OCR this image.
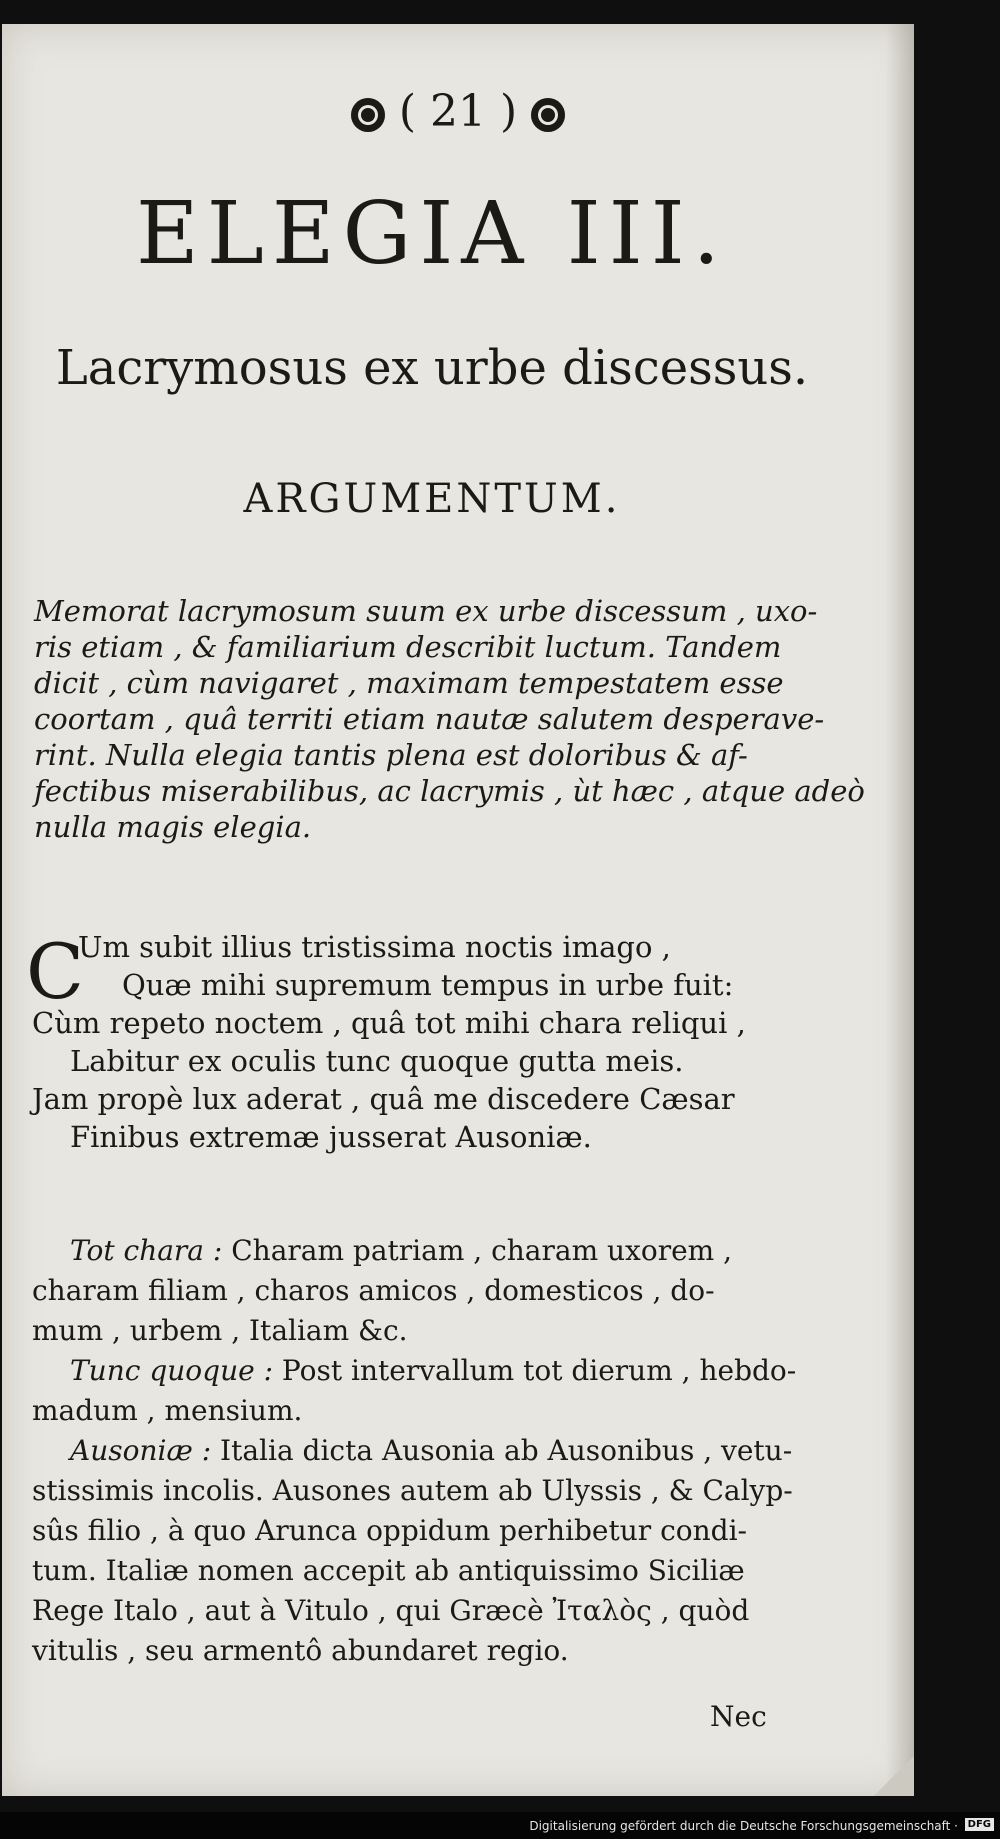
( 21 )
ELEGIA III.
Lacrymosus ex urbe discessus.
ARGUMENTUM.
Memorat lacrymosum suum ex urbe discessum , uxo-
ris etiam , & familiarium describit luctum. Tandem
dicit , cùm navigaret , maximam tempestatem esse
coortam , quâ territi etiam nautæ salutem desperave-
rint. Nulla elegia tantis plena est doloribus & af-
fectibus miserabilibus, ac lacrymis , ùt hæc , atque adeò
nulla magis elegia.
C
Um subit illius tristissima noctis imago ,
Quæ mihi supremum tempus in urbe fuit:
Cùm repeto noctem , quâ tot mihi chara reliqui ,
Labitur ex oculis tunc quoque gutta meis.
Jam propè lux aderat , quâ me discedere Cæsar
Finibus extremæ jusserat Ausoniæ.
Tot chara : Charam patriam , charam uxorem ,
charam filiam , charos amicos , domesticos , do-
mum , urbem , Italiam &c.
Tunc quoque : Post intervallum tot dierum , hebdo-
madum , mensium.
Ausoniæ : Italia dicta Ausonia ab Ausonibus , vetu-
stissimis incolis. Ausones autem ab Ulyssis , & Calyp-
sûs filio , à quo Arunca oppidum perhibetur condi-
tum. Italiæ nomen accepit ab antiquissimo Siciliæ
Rege Italo , aut à Vitulo , qui Græcè Ἰταλὸς , quòd
vitulis , seu armentô abundaret regio.
Nec
Digitalisierung gefördert durch die Deutsche Forschungsgemeinschaft · DFG
